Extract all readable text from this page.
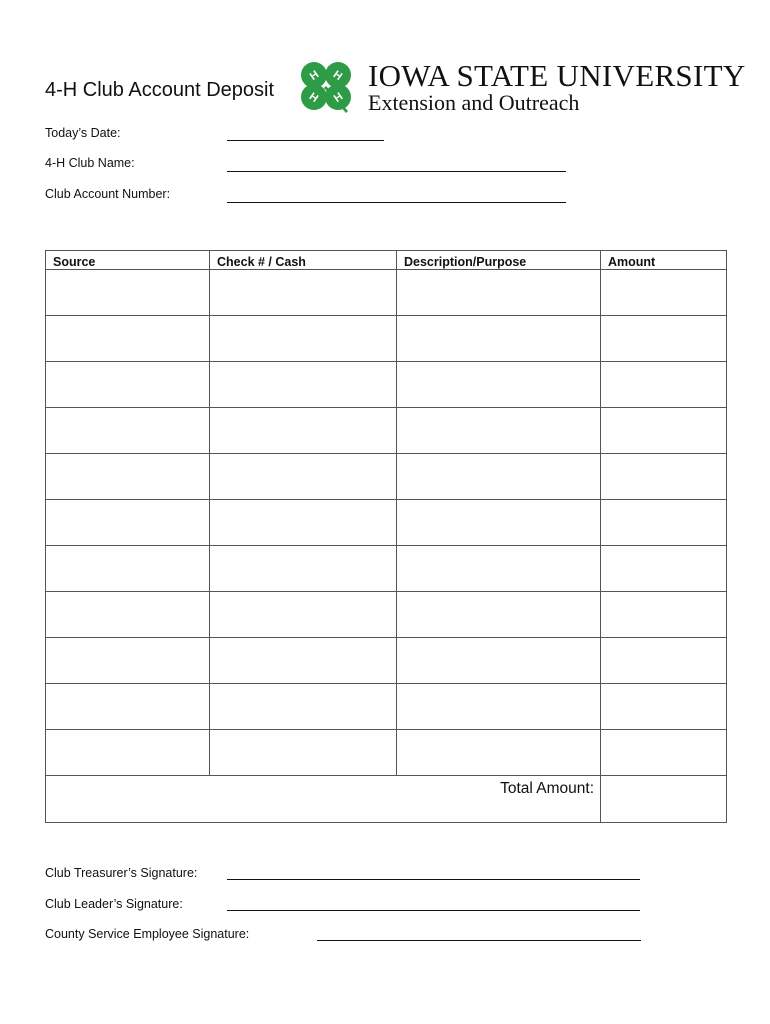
4-H Club Account Deposit
H H
H H
IOWA STATE UNIVERSITY
Extension and Outreach
Today’s Date:
4-H Club Name:
Club Account Number:
Source	Check # / Cash	Description/Purpose	Amount

Total Amount:			
Club Treasurer’s Signature:
Club Leader’s Signature:
County Service Employee Signature:
